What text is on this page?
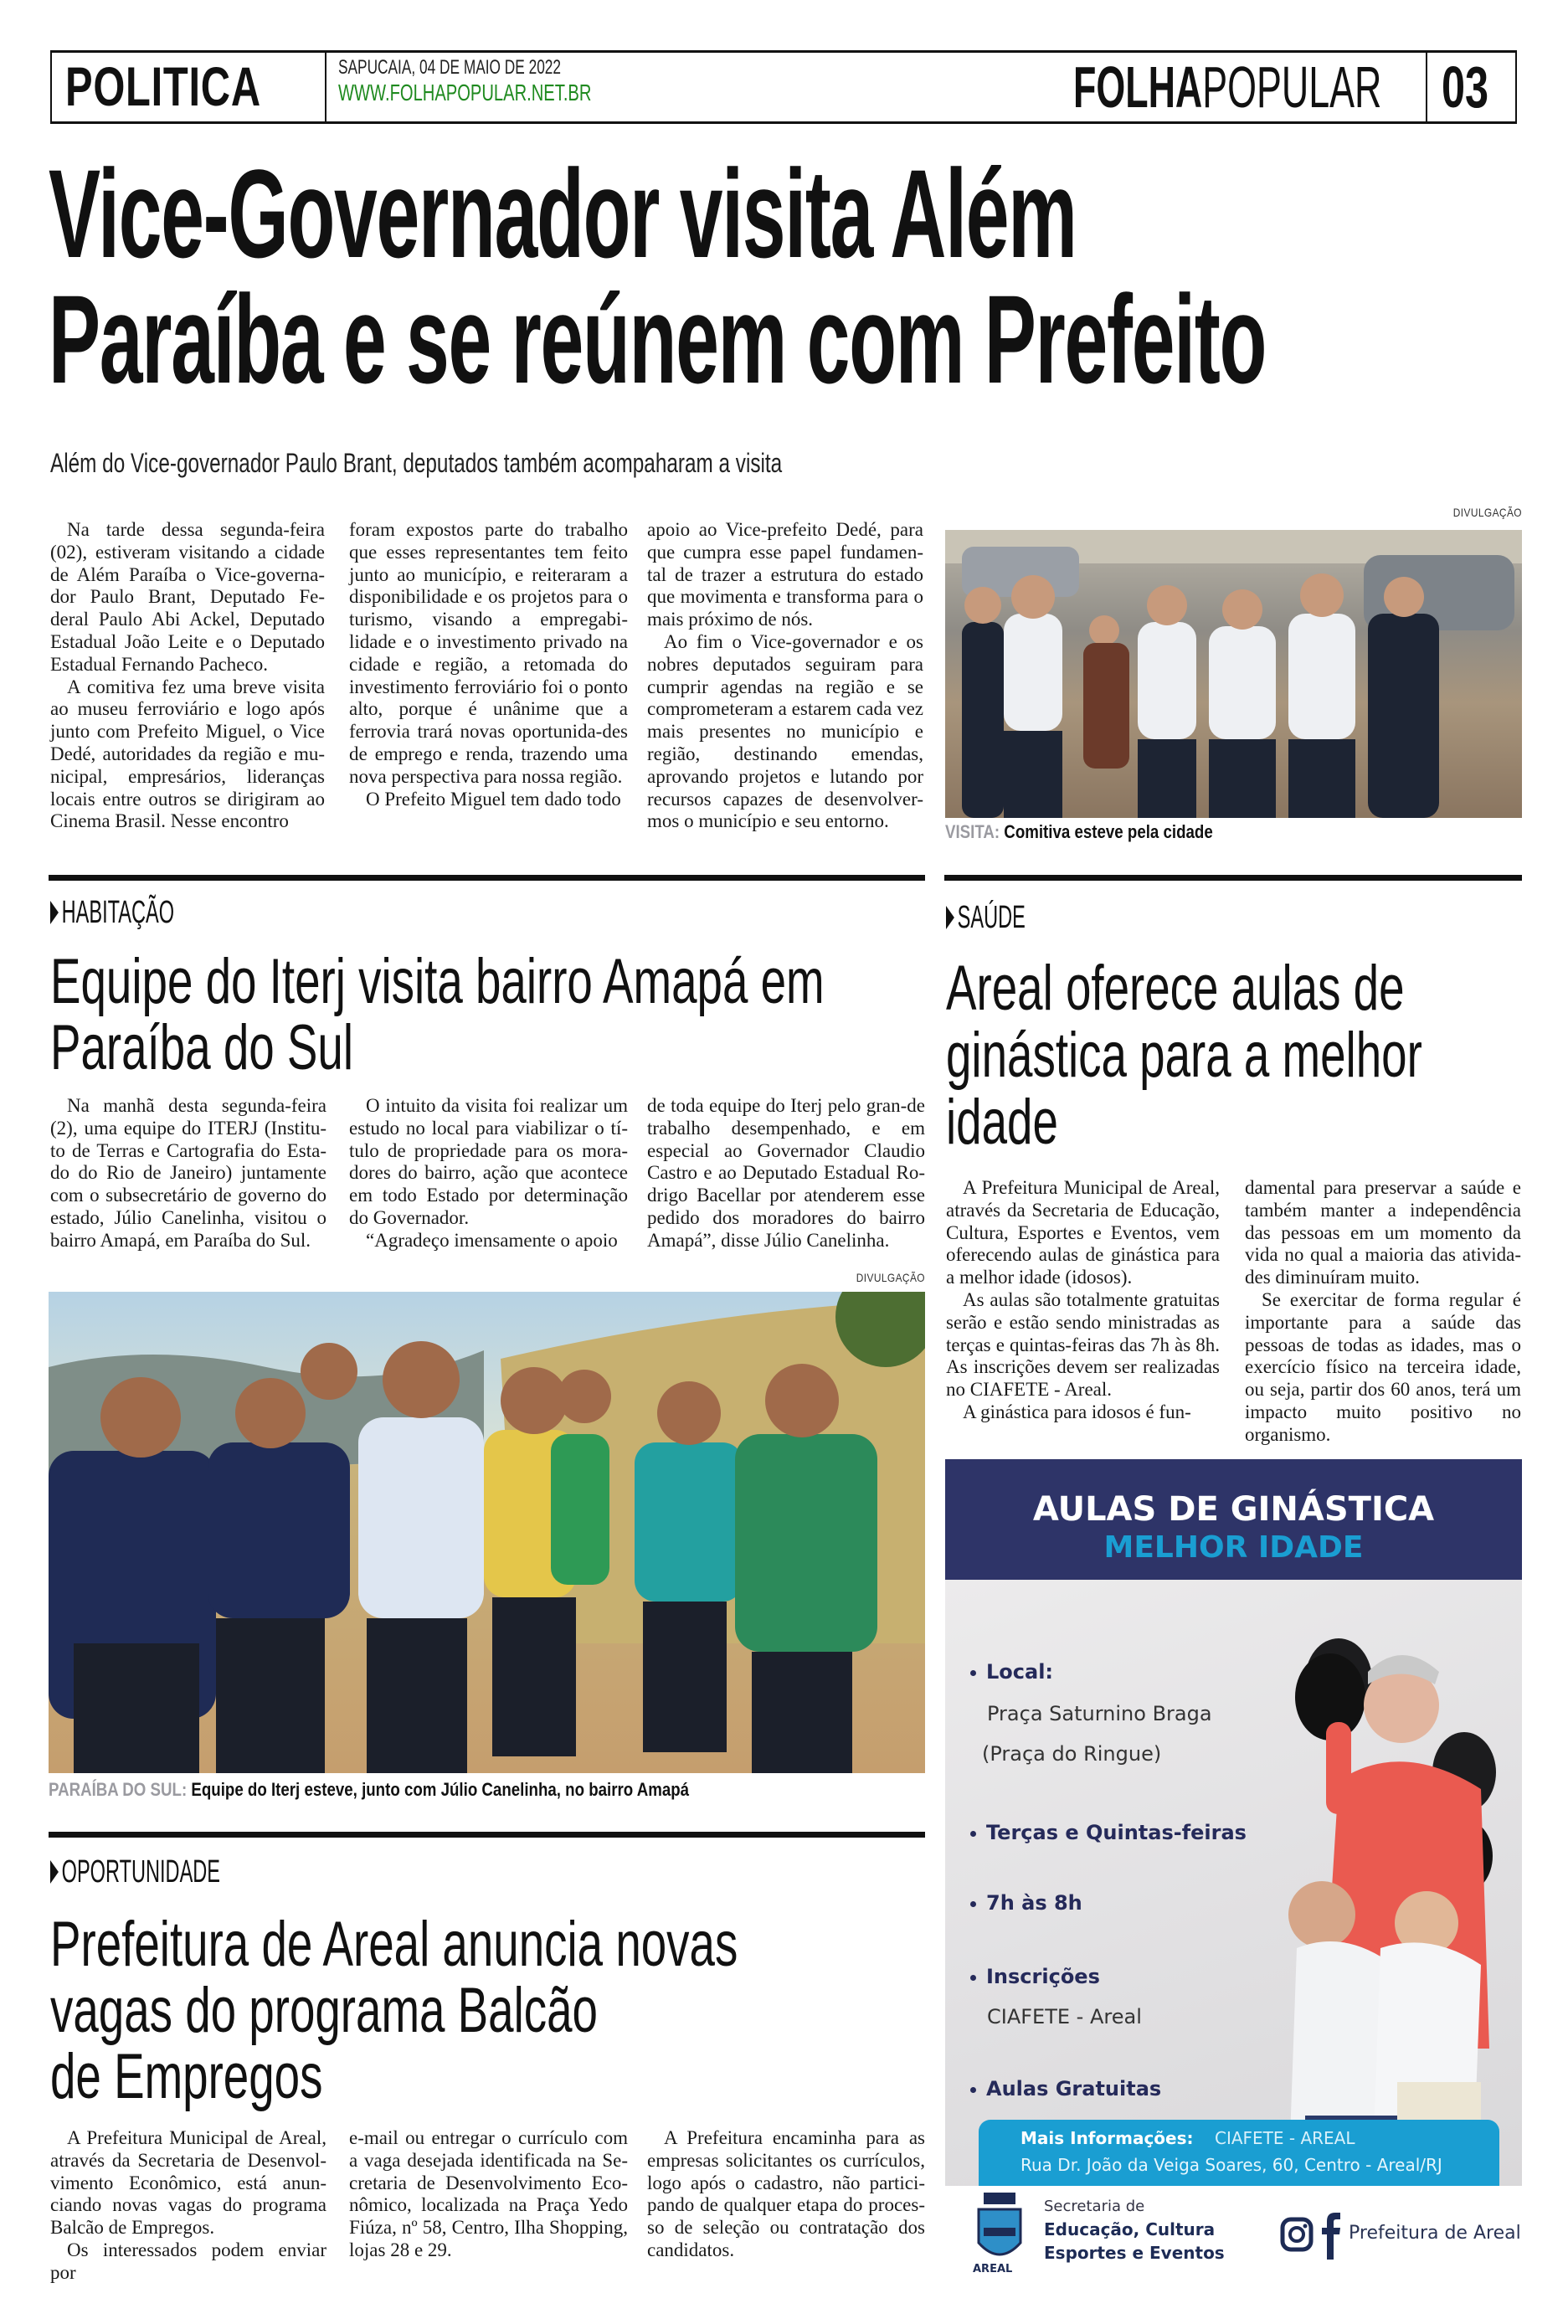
POLITICA	SAPUCAIA, 04 DE MAIO DE 2022
WWW.FOLHAPOPULAR.NET.BR	FOLHAPOPULAR 03
Vice-Governador visita Além
Paraíba e se reúnem com Prefeito
Além do Vice-governador Paulo Brant, deputados também acompaharam a visita

Na tarde dessa segunda-feira (02), estiveram visitando a cidade de Além Paraíba o Vice-governa-dor Paulo Brant, Deputado Fe-deral Paulo Abi Ackel, Deputado Estadual João Leite e o Deputado Estadual Fernando Pacheco.

A comitiva fez uma breve visita ao museu ferroviário e logo após junto com Prefeito Miguel, o Vice Dedé, autoridades da região e mu-nicipal, empresários, lideranças locais entre outros se dirigiram ao Cinema Brasil. Nesse encontro

foram expostos parte do trabalho que esses representantes tem feito junto ao município, e reiteraram a disponibilidade e os projetos para o turismo, visando a empregabi-lidade e o investimento privado na cidade e região, a retomada do investimento ferroviário foi o ponto alto, porque é unânime que a ferrovia trará novas oportunida-des de emprego e renda, trazendo uma nova perspectiva para nossa região.

O Prefeito Miguel tem dado todo

apoio ao Vice-prefeito Dedé, para que cumpra esse papel fundamen-tal de trazer a estrutura do estado que movimenta e transforma para o mais próximo de nós.

Ao fim o Vice-governador e os nobres deputados seguiram para cumprir agendas na região e se comprometeram a estarem cada vez mais presentes no município e região, destinando emendas, aprovando projetos e lutando por recursos capazes de desenvolver-mos o município e seu entorno.

DIVULGAÇÃO
VISITA: Comitiva esteve pela cidade
HABITAÇÃO
Equipe do Iterj visita bairro Amapá em
Paraíba do Sul

Na manhã desta segunda-feira (2), uma equipe do ITERJ (Institu-to de Terras e Cartografia do Esta-do do Rio de Janeiro) juntamente com o subsecretário de governo do estado, Júlio Canelinha, visitou o bairro Amapá, em Paraíba do Sul.

O intuito da visita foi realizar um estudo no local para viabilizar o tí-tulo de propriedade para os mora-dores do bairro, ação que acontece em todo Estado por determinação do Governador.

“Agradeço imensamente o apoio

de toda equipe do Iterj pelo gran-de trabalho desempenhado, e em especial ao Governador Claudio Castro e ao Deputado Estadual Ro-drigo Bacellar por atenderem esse pedido dos moradores do bairro Amapá”, disse Júlio Canelinha.

DIVULGAÇÃO
PARAÍBA DO SUL: Equipe do Iterj esteve, junto com Júlio Canelinha, no bairro Amapá
OPORTUNIDADE
Prefeitura de Areal anuncia novas
vagas do programa Balcão
de Empregos

A Prefeitura Municipal de Areal, através da Secretaria de Desenvol-vimento Econômico, está anun-ciando novas vagas do programa Balcão de Empregos.

Os interessados podem enviar por

e-mail ou entregar o currículo com a vaga desejada identificada na Se-cretaria de Desenvolvimento Eco-nômico, localizada na Praça Yedo Fiúza, nº 58, Centro, Ilha Shopping, lojas 28 e 29.

A Prefeitura encaminha para as empresas solicitantes os currículos, logo após o cadastro, não partici-pando de qualquer etapa do proces-so de seleção ou contratação dos candidatos.

SAÚDE
Areal oferece aulas de
ginástica para a melhor
idade

A Prefeitura Municipal de Areal, através da Secretaria de Educação, Cultura, Esportes e Eventos, vem oferecendo aulas de ginástica para a melhor idade (idosos).

As aulas são totalmente gratuitas serão e estão sendo ministradas as terças e quintas-feiras das 7h às 8h. As inscrições devem ser realizadas no CIAFETE - Areal.

A ginástica para idosos é fun-

damental para preservar a saúde e também manter a independência das pessoas em um momento da vida no qual a maioria das ativida-des diminuíram muito.

Se exercitar de forma regular é importante para a saúde das pessoas de todas as idades, mas o exercício físico na terceira idade, ou seja, partir dos 60 anos, terá um impacto muito positivo no organismo.

AULAS DE GINÁSTICA
MELHOR IDADE
Local:
Praça Saturnino Braga
(Praça do Ringue)
Terças e Quintas-feiras
7h às 8h
Inscrições
CIAFETE - Areal
Aulas Gratuitas
Mais Informações: CIAFETE - AREAL
Rua Dr. João da Veiga Soares, 60, Centro - Areal/RJ
AREAL
Secretaria de
Educação, Cultura
Esportes e Eventos
Prefeitura de Areal
